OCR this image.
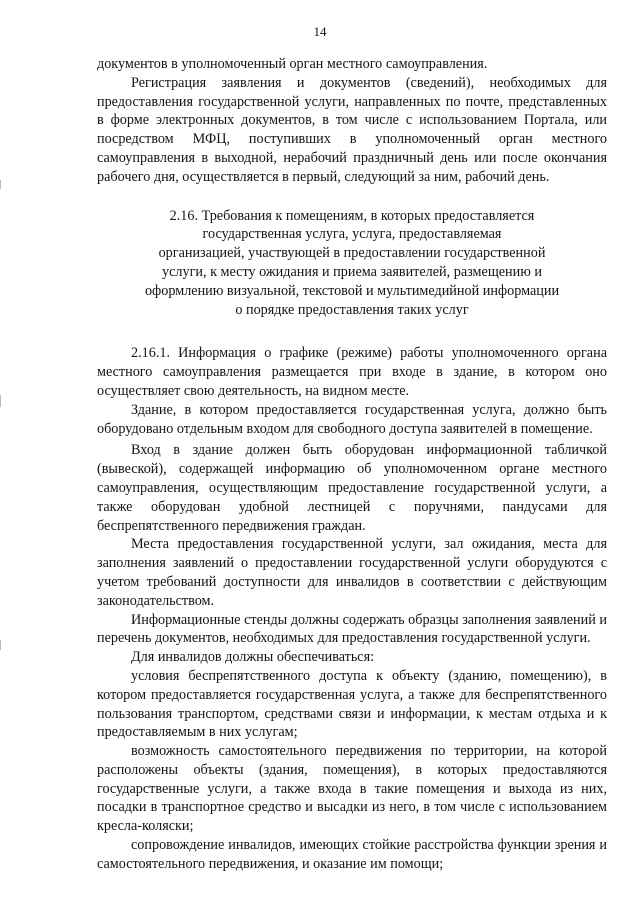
14

документов в уполномоченный орган местного самоуправления.

Регистрация заявления и документов (сведений), необходимых для предоставления государственной услуги, направленных по почте, представленных в форме электронных документов, в том числе с использованием Портала, или посредством МФЦ, поступивших в уполномоченный орган местного самоуправления в выходной, нерабочий праздничный день или после окончания рабочего дня, осуществляется в первый, следующий за ним, рабочий день.

2.16. Требования к помещениям, в которых предоставляется
государственная услуга, услуга, предоставляемая
организацией, участвующей в предоставлении государственной
услуги, к месту ожидания и приема заявителей, размещению и
оформлению визуальной, текстовой и мультимедийной информации
о порядке предоставления таких услуг

2.16.1. Информация о графике (режиме) работы уполномоченного органа местного самоуправления размещается при входе в здание, в котором оно осуществляет свою деятельность, на видном месте.

Здание, в котором предоставляется государственная услуга, должно быть оборудовано отдельным входом для свободного доступа заявителей в помещение.

Вход в здание должен быть оборудован информационной табличкой (вывеской), содержащей информацию об уполномоченном органе местного самоуправления, осуществляющим предоставление государственной услуги, а также оборудован удобной лестницей с поручнями, пандусами для беспрепятственного передвижения граждан.

Места предоставления государственной услуги, зал ожидания, места для заполнения заявлений о предоставлении государственной услуги оборудуются с учетом требований доступности для инвалидов в соответствии с действующим законодательством.

Информационные стенды должны содержать образцы заполнения заявлений и перечень документов, необходимых для предоставления государственной услуги.

Для инвалидов должны обеспечиваться:

условия беспрепятственного доступа к объекту (зданию, помещению), в котором предоставляется государственная услуга, а также для беспрепятственного пользования транспортом, средствами связи и информации, к местам отдыха и к предоставляемым в них услугам;

возможность самостоятельного передвижения по территории, на которой расположены объекты (здания, помещения), в которых предоставляются государственные услуги, а также входа в такие помещения и выхода из них, посадки в транспортное средство и высадки из него, в том числе с использованием кресла-коляски;

сопровождение инвалидов, имеющих стойкие расстройства функции зрения и самостоятельного передвижения, и оказание им помощи;
